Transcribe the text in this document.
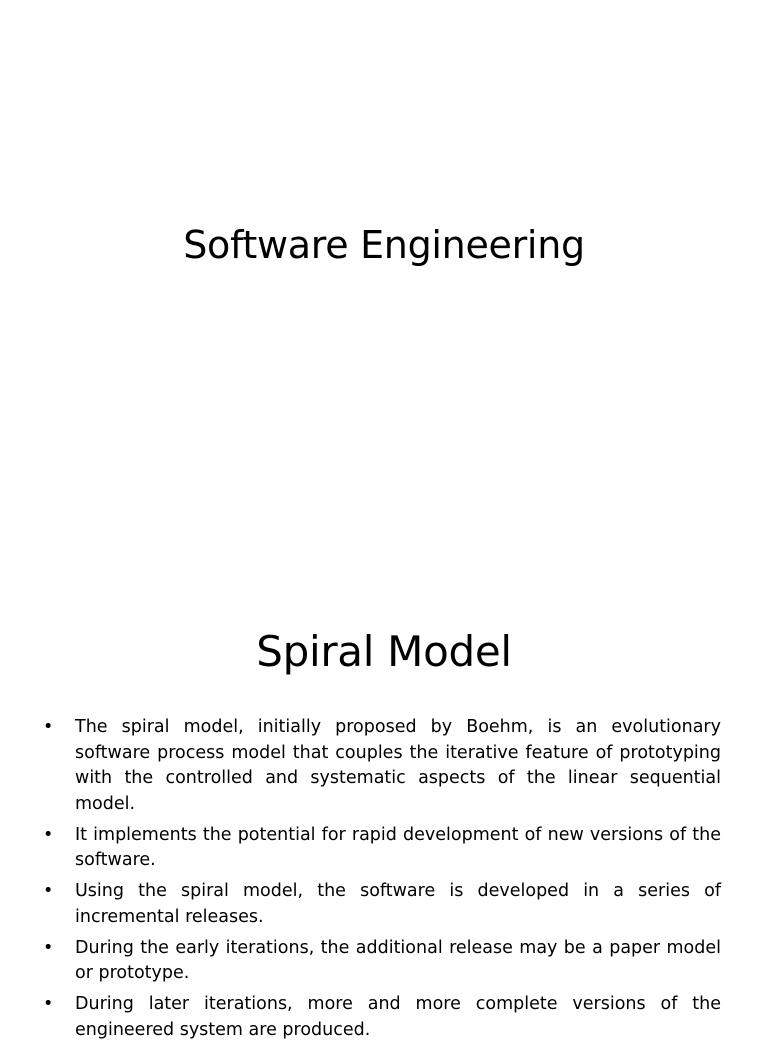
Software Engineering
Spiral Model
• The spiral model, initially proposed by Boehm, is an evolutionary software process model that couples the iterative feature of prototyping with the controlled and systematic aspects of the linear sequential model.
• It implements the potential for rapid development of new versions of the software.
• Using the spiral model, the software is developed in a series of incremental releases.
• During the early iterations, the additional release may be a paper model or prototype.
• During later iterations, more and more complete versions of the engineered system are produced.
